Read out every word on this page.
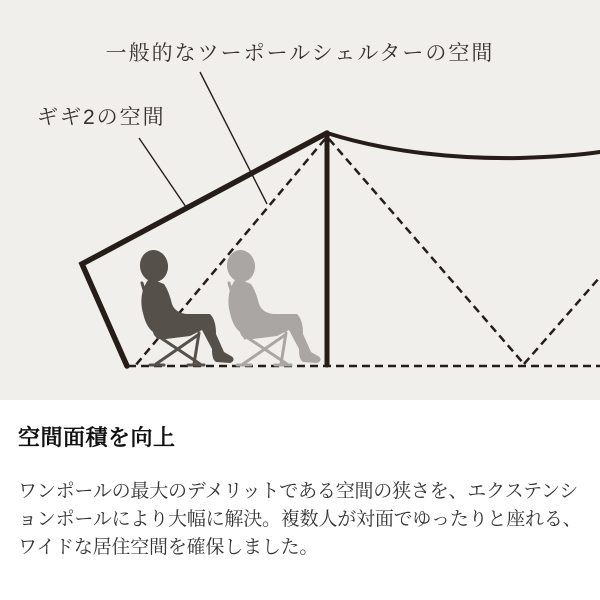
一般的なツーポールシェルターの空間
ギギ2の空間
空間面積を向上

ワンポールの最大のデメリットである空間の狭さを、エクステンシ
ョンポールにより大幅に解決。複数人が対面でゆったりと座れる、
ワイドな居住空間を確保しました。
